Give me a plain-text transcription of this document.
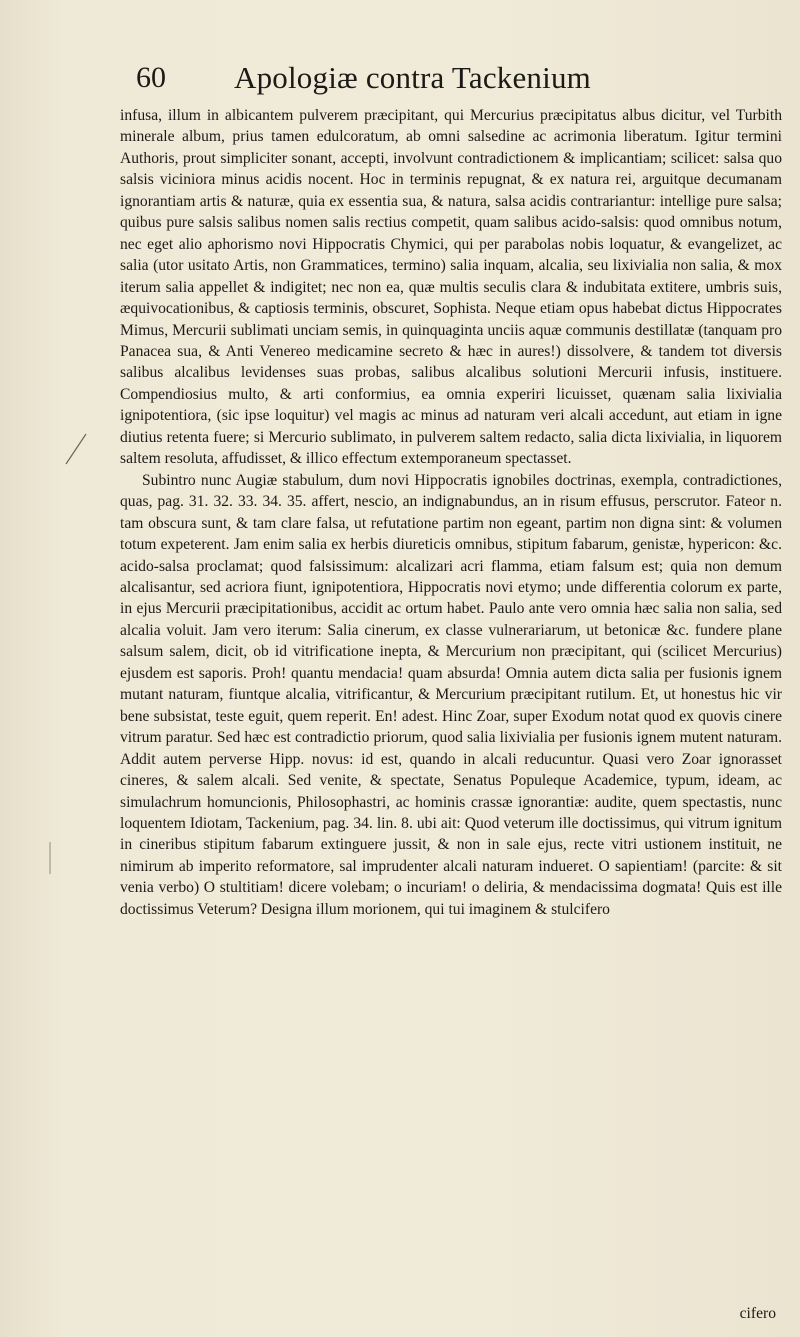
60 Apologiæ contra Tackenium

infusa, illum in albicantem pulverem præcipitant, qui Mercurius præcipitatus albus dicitur, vel Turbith minerale album, prius tamen edulcoratum, ab omni salsedine ac acrimonia liberatum. Igitur termini Authoris, prout simpliciter sonant, accepti, involvunt contradictionem & implicantiam; scilicet: salsa quo salsis viciniora minus acidis nocent. Hoc in terminis repugnat, & ex natura rei, arguitque decumanam ignorantiam artis & naturæ, quia ex essentia sua, & natura, salsa acidis contrariantur: intellige pure salsa; quibus pure salsis salibus nomen salis rectius competit, quam salibus acido-salsis: quod omnibus notum, nec eget alio aphorismo novi Hippocratis Chymici, qui per parabolas nobis loquatur, & evangelizet, ac salia (utor usitato Artis, non Grammatices, termino) salia inquam, alcalia, seu lixivialia non salia, & mox iterum salia appellet & indigitet; nec non ea, quæ multis seculis clara & indubitata extitere, umbris suis, æquivocationibus, & captiosis terminis, obscuret, Sophista. Neque etiam opus habebat dictus Hippocrates Mimus, Mercurii sublimati unciam semis, in quinquaginta unciis aquæ communis destillatæ (tanquam pro Panacea sua, & Anti Venereo medicamine secreto & hæc in aures!) dissolvere, & tandem tot diversis salibus alcalibus levidenses suas probas, salibus alcalibus solutioni Mercurii infusis, instituere. Compendiosius multo, & arti conformius, ea omnia experiri licuisset, quænam salia lixivialia ignipotentiora, (sic ipse loquitur) vel magis ac minus ad naturam veri alcali accedunt, aut etiam in igne diutius retenta fuere; si Mercurio sublimato, in pulverem saltem redacto, salia dicta lixivialia, in liquorem saltem resoluta, affudisset, & illico effectum extemporaneum spectasset.

Subintro nunc Augiæ stabulum, dum novi Hippocratis ignobiles doctrinas, exempla, contradictiones, quas, pag. 31. 32. 33. 34. 35. affert, nescio, an indignabundus, an in risum effusus, perscrutor. Fateor n. tam obscura sunt, & tam clare falsa, ut refutatione partim non egeant, partim non digna sint: & volumen totum expeterent. Jam enim salia ex herbis diureticis omnibus, stipitum fabarum, genistæ, hypericon: &c. acido-salsa proclamat; quod falsissimum: alcalizari acri flamma, etiam falsum est; quia non demum alcalisantur, sed acriora fiunt, ignipotentiora, Hippocratis novi etymo; unde differentia colorum ex parte, in ejus Mercurii præcipitationibus, accidit ac ortum habet. Paulo ante vero omnia hæc salia non salia, sed alcalia voluit. Jam vero iterum: Salia cinerum, ex classe vulnerariarum, ut betonicæ &c. fundere plane salsum salem, dicit, ob id vitrificatione inepta, & Mercurium non præcipitant, qui (scilicet Mercurius) ejusdem est saporis. Proh! quantu mendacia! quam absurda! Omnia autem dicta salia per fusionis ignem mutant naturam, fiuntque alcalia, vitrificantur, & Mercurium præcipitant rutilum. Et, ut honestus hic vir bene subsistat, teste eguit, quem reperit. En! adest. Hinc Zoar, super Exodum notat quod ex quovis cinere vitrum paratur. Sed hæc est contradictio priorum, quod salia lixivialia per fusionis ignem mutent naturam. Addit autem perverse Hipp. novus: id est, quando in alcali reducuntur. Quasi vero Zoar ignorasset cineres, & salem alcali. Sed venite, & spectate, Senatus Populeque Academice, typum, ideam, ac simulachrum homuncionis, Philosophastri, ac hominis crassæ ignorantiæ: audite, quem spectastis, nunc loquentem Idiotam, Tackenium, pag. 34. lin. 8. ubi ait: Quod veterum ille doctissimus, qui vitrum ignitum in cineribus stipitum fabarum extinguere jussit, & non in sale ejus, recte vitri ustionem instituit, ne nimirum ab imperito reformatore, sal imprudenter alcali naturam indueret. O sapientiam! (parcite: & sit venia verbo) O stultitiam! dicere volebam; o incuriam! o deliria, & mendacissima dogmata! Quis est ille doctissimus Veterum? Designa illum morionem, qui tui imaginem & stulcifero

cifero
